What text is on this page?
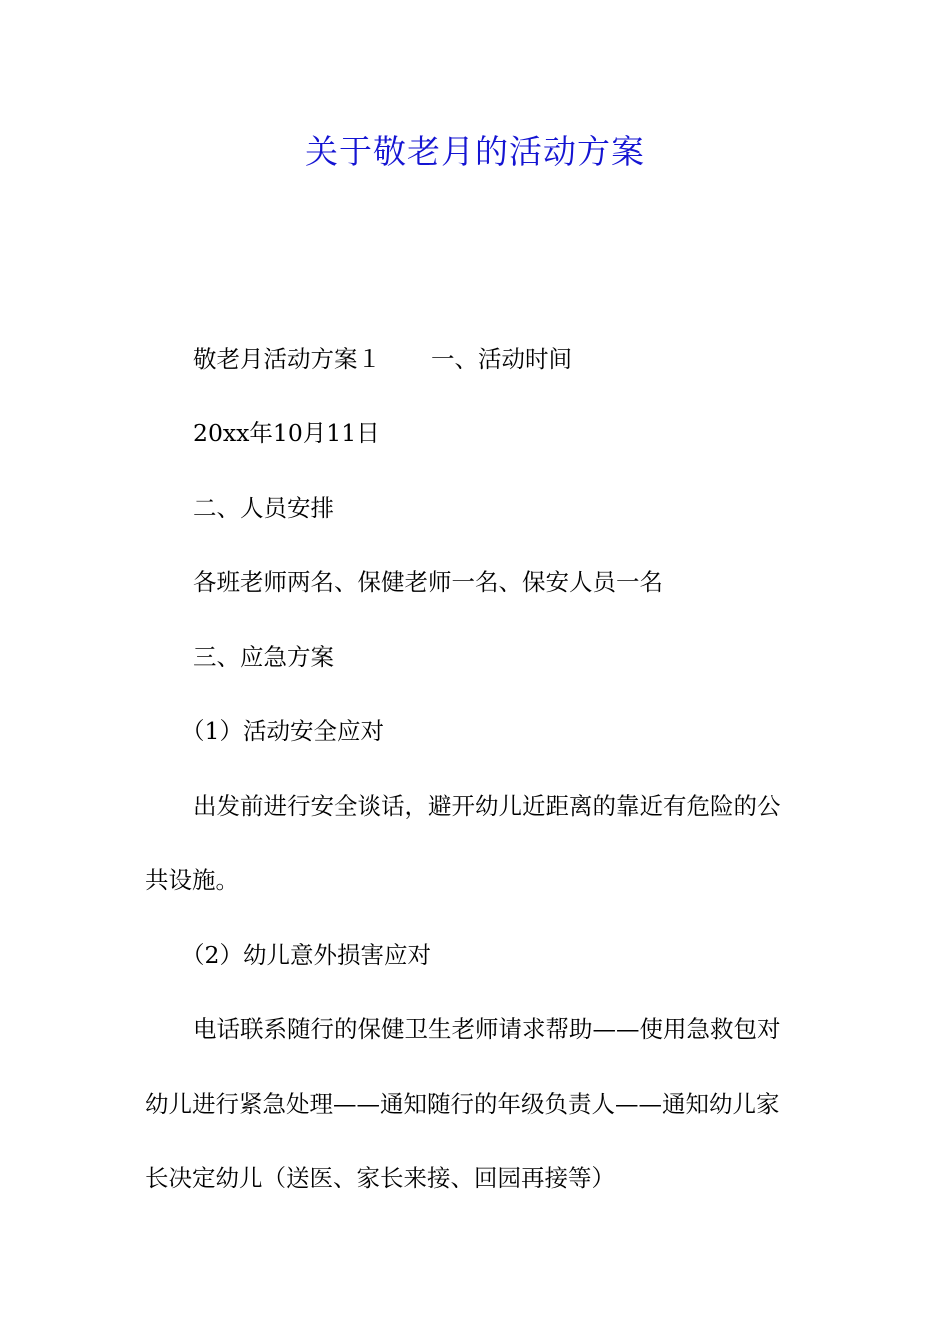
关于敬老月的活动方案
敬老月活动方案１ 一、活动时间
20xx年10月11日
二、人员安排
各班老师两名、保健老师一名、保安人员一名
三、应急方案
（1）活动安全应对
出发前进行安全谈话，避开幼儿近距离的靠近有危险的公
共设施。
（2）幼儿意外损害应对
电话联系随行的保健卫生老师请求帮助——使用急救包对
幼儿进行紧急处理——通知随行的年级负责人——通知幼儿家
长决定幼儿（送医、家长来接、回园再接等）
